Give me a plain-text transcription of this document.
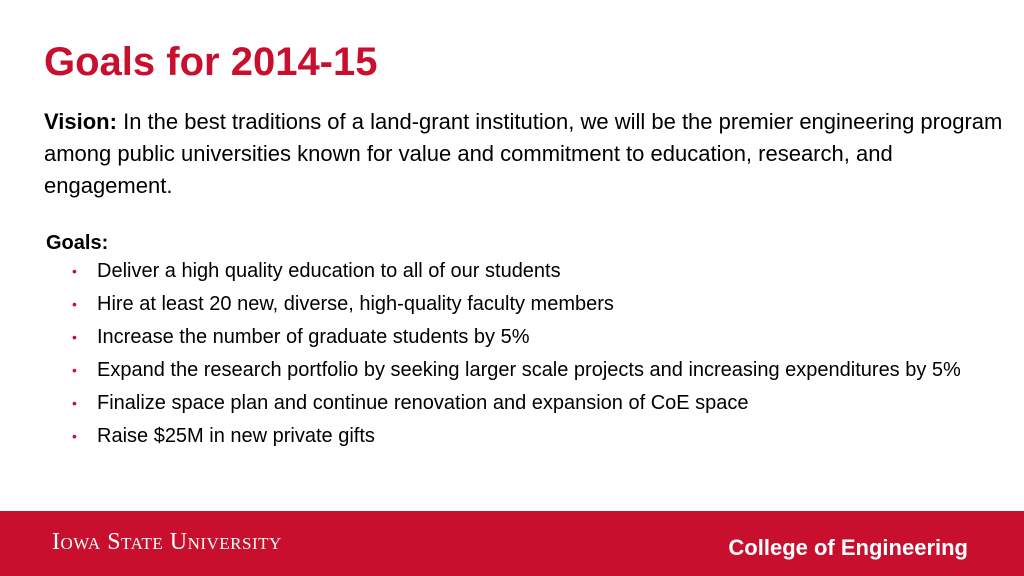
Goals for 2014-15

Vision: In the best traditions of a land-grant institution, we will be the premier engineering program among public universities known for value and commitment to education, research, and engagement.

Goals:
• Deliver a high quality education to all of our students
• Hire at least 20 new, diverse, high-quality faculty members
• Increase the number of graduate students by 5%
• Expand the research portfolio by seeking larger scale projects and increasing expenditures by 5%
• Finalize space plan and continue renovation and expansion of CoE space
• Raise $25M in new private gifts
Iowa State University	College of Engineering
